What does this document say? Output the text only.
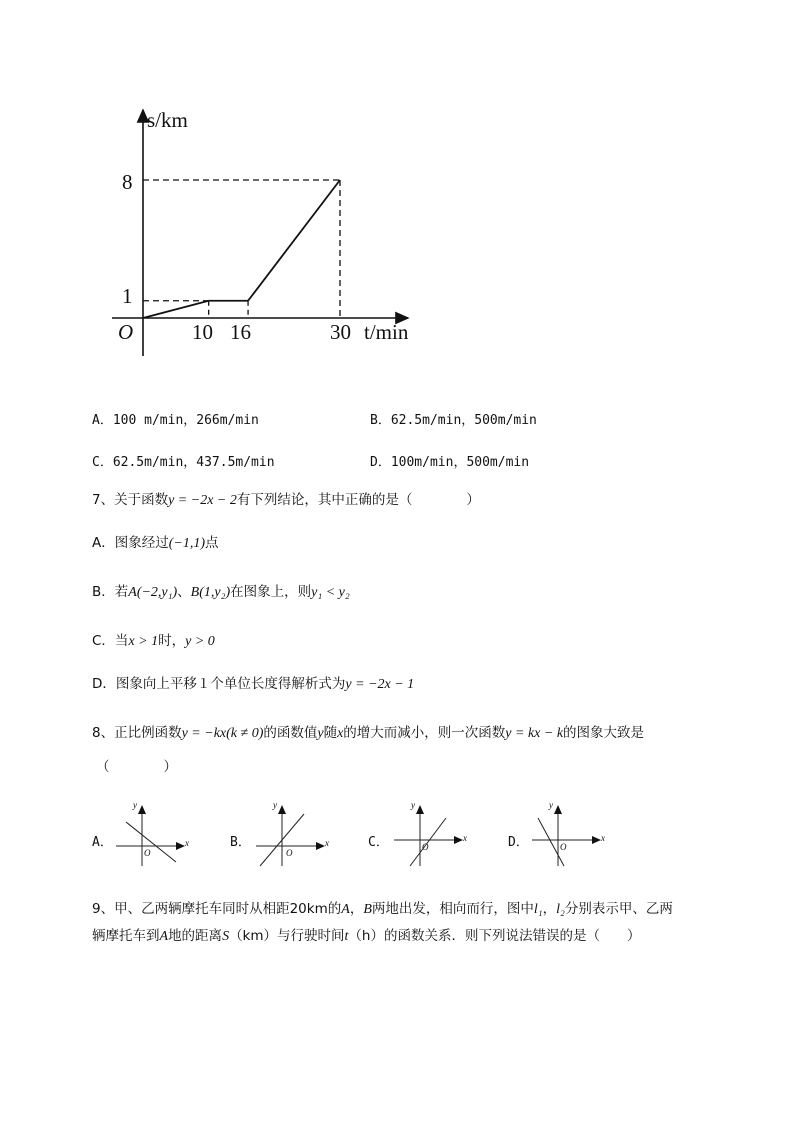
s/km
t/min
O
1
8
10 16	30
A．100 m/min，266m/min	B．62.5m/min，500m/min
C．62.5m/min，437.5m/min	D．100m/min，500m/min
7、关于函数y = −2x − 2有下列结论，其中正确的是（　　　　）
A．图象经过(−1,1)点
B．若A(−2,y₁)、B(1,y₂)在图象上，则y₁ < y₂
C．当x > 1时，y > 0
D．图象向上平移１个单位长度得解析式为y = −2x − 1
8、正比例函数y = −kx(k ≠ 0)的函数值y随x的增大而减小，则一次函数y = kx − k的图象大致是
（　　　　）
A．	B．	C．	D．
y
x
O
y
x
O
y
x
O
y
x
O
9、甲、乙两辆摩托车同时从相距20km的A，B两地出发，相向而行，图中l₁，l₂分别表示甲、乙两
辆摩托车到A地的距离S（km）与行驶时间t（h）的函数关系．则下列说法错误的是（　　）
